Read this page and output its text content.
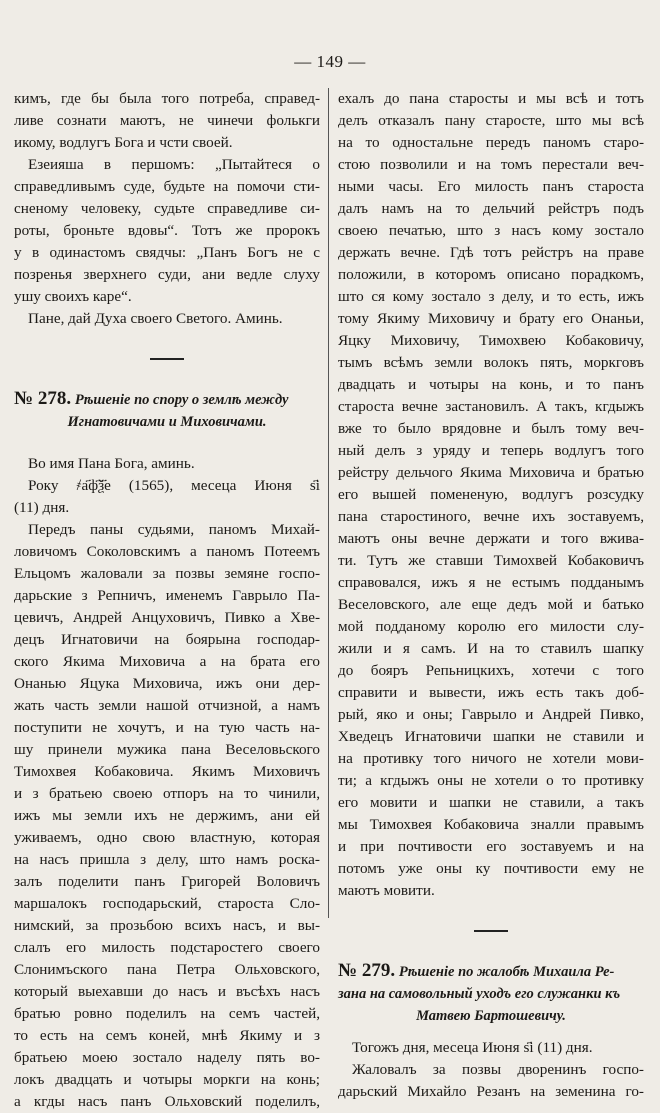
— 149 —
кимъ, где бы была того потреба, справед-
ливе сознати маютъ, не чинечи фолькги
икому, водлугъ Бога и чсти своей.
Езеияша в першомъ: „Пытайтеся о
справедливымъ суде, будьте на помочи сти-
сненому человеку, судьте справедливе си-
роты, броньте вдовы“. Тотъ же пророкъ
у в одинастомъ свядчы: „Панъ Богъ не с
позренья зверхнего суди, ани ведле слуху
ушу своихъ каре“.
Пане, дай Духа своего Светого. Аминь.
№ 278. Рѣшеніе по спору о землѣ между
Игнатовичами и Миховичами.
Во имя Пана Бога, аминь.
Року ҂а҃ф҃ѯ҃е (1565), месеца Июня ѕ҃і
(11) дня.
Передъ паны судьями, паномъ Михай-
ловичомъ Соколовскимъ а паномъ Потеемъ
Ельцомъ жаловали за позвы земяне госпо-
дарьские з Репничъ, именемъ Гаврыло Па-
цевичъ, Андрей Анцуховичъ, Пивко а Хве-
децъ Игнатовичи на боярына господар-
ского Якима Миховича а на брата его
Онанью Яцука Миховича, ижъ они дер-
жать часть земли нашой отчизной, а намъ
поступити не хочутъ, и на тую часть на-
шу принели мужика пана Веселовьского
Тимохвея Кобаковича. Якимъ Миховичъ
и з братьею своею отпоръ на то чинили,
ижъ мы земли ихъ не держимъ, ани ей
уживаемъ, одно свою властную, которая
на насъ пришла з делу, што намъ роска-
залъ поделити панъ Григорей Воловичъ
маршалокъ господарьский, староста Сло-
нимский, за прозьбою всихъ насъ, и вы-
слалъ его милость подстаростего своего
Слонимъского пана Петра Ольховского,
который выехавши до насъ и въсѣхъ насъ
братью ровно поделилъ на семъ частей,
то есть на семъ коней, мнѣ Якиму и з
братьею моею зостало наделу пять во-
локъ двадцать и чотыры моркги на конь;
а кгды насъ панъ Ольховский поделилъ,
ехалъ до пана старосты и мы всѣ и тотъ
делъ отказалъ пану старосте, што мы всѣ
на то одностальне передъ паномъ старо-
стою позволили и на томъ перестали веч-
ными часы. Его милость панъ староста
далъ намъ на то дельчий рейстръ подъ
своею печатью, што з насъ кому зостало
держать вечне. Гдѣ тотъ рейстръ на праве
положили, в которомъ описано порадкомъ,
што ся кому зостало з делу, и то есть, ижъ
тому Якиму Миховичу и брату его Онаньи,
Яцку Миховичу, Тимохвею Кобаковичу,
тымъ всѣмъ земли волокъ пять, моркговъ
двадцать и чотыры на конь, и то панъ
староста вечне застановилъ. А такъ, кгдыжъ
вже то было врядовне и былъ тому веч-
ный делъ з уряду и теперь водлугъ того
рейстру дельчого Якима Миховича и братью
его вышей помененую, водлугъ розсудку
пана старостиного, вечне ихъ зоставуемъ,
маютъ оны вечне держати и того вжива-
ти. Тутъ же ставши Тимохвей Кобаковичъ
справовался, ижъ я не естымъ подданымъ
Веселовского, але еще дедъ мой и батько
мой подданому королю его милости слу-
жили и я самъ. И на то ставилъ шапку
до бояръ Репьницкихъ, хотечи с того
справити и вывести, ижъ есть такъ доб-
рый, яко и оны; Гаврыло и Андрей Пивко,
Хведецъ Игнатовичи шапки не ставили и
на противку того ничого не хотели мови-
ти; а кгдыжъ оны не хотели о то противку
его мовити и шапки не ставили, а такъ
мы Тимохвея Кобаковича зналли правымъ
и при почтивости его зоставуемъ и на
потомъ уже оны ку почтивости ему не
маютъ мовити.
№ 279. Рѣшеніе по жалобѣ Михаила Ре-
зана на самовольный уходъ его служанки къ
Матвею Бартошевичу.
Тогожъ дня, месеца Июня ѕ҃і (11) дня.
Жаловалъ за позвы дворенинъ госпо-
дарьский Михайло Резанъ на земенина го-
